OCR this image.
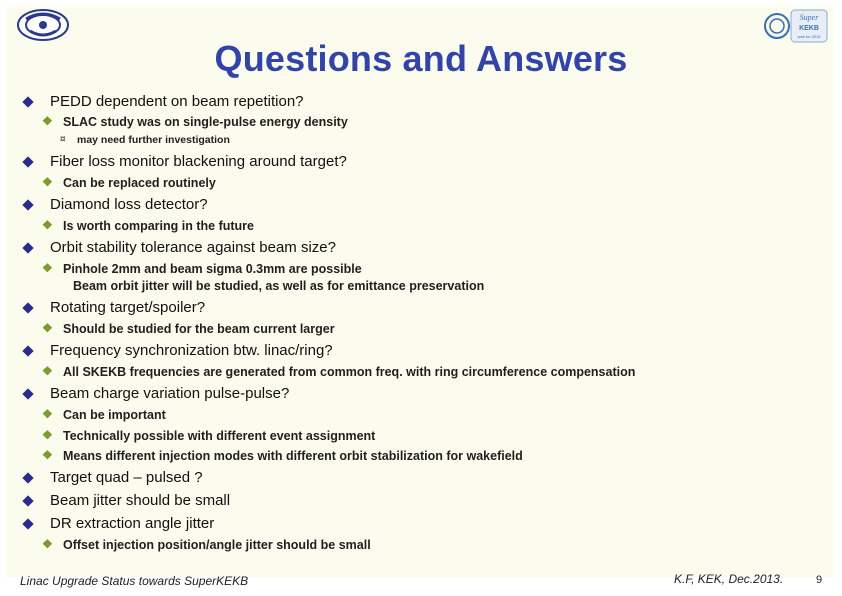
Super
KEKB
wait for 2015
Questions and Answers
PEDD dependent on beam repetition?
❖ SLAC study was on single-pulse energy density
¤ may need further investigation
Fiber loss monitor blackening around target?
❖ Can be replaced routinely
Diamond loss detector?
❖ Is worth comparing in the future
Orbit stability tolerance against beam size?
❖ Pinhole 2mm and beam sigma 0.3mm are possible
Beam orbit jitter will be studied, as well as for emittance preservation
Rotating target/spoiler?
❖ Should be studied for the beam current larger
Frequency synchronization btw. linac/ring?
❖ All SKEKB frequencies are generated from common freq. with ring circumference compensation
Beam charge variation pulse-pulse?
❖ Can be important
❖ Technically possible with different event assignment
❖ Means different injection modes with different orbit stabilization for wakefield
Target quad – pulsed ?
Beam jitter should be small
DR extraction angle jitter
❖ Offset injection position/angle jitter should be small
Linac Upgrade Status towards SuperKEKB	K.F, KEK, Dec.2013.	9
